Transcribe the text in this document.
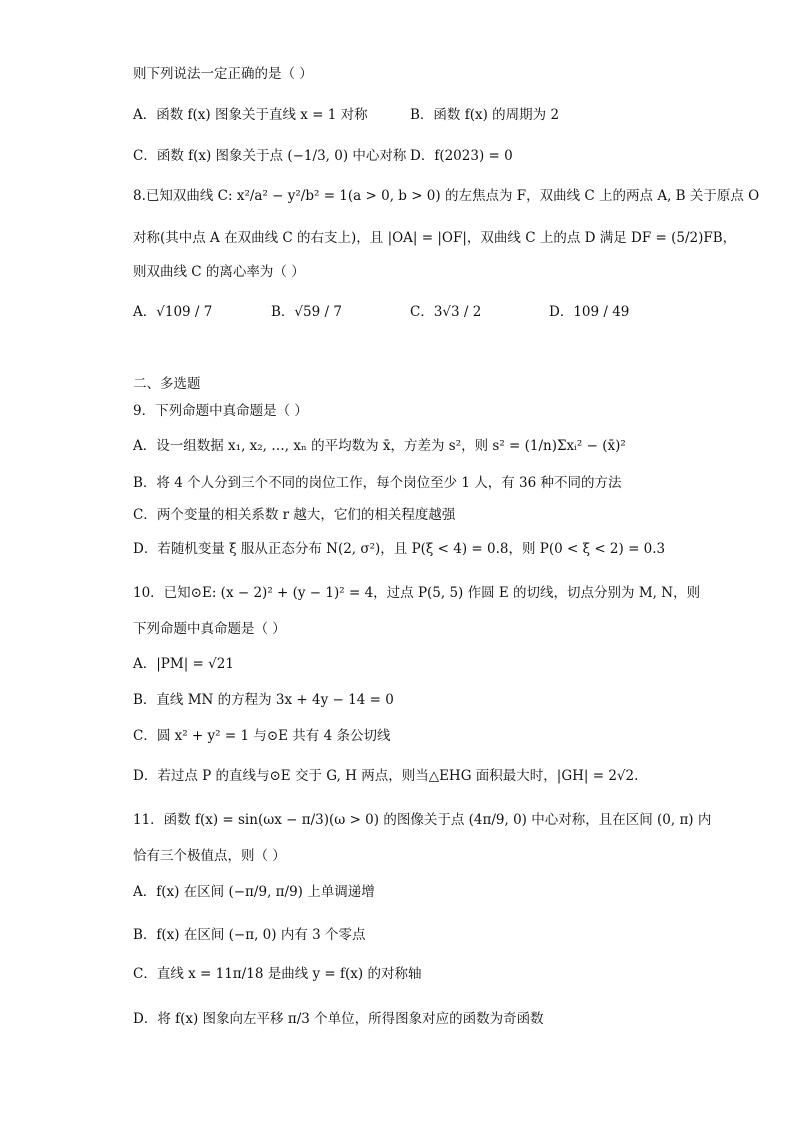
则下列说法一定正确的是（ ）
A．函数 f(x) 图象关于直线 x = 1 对称	B．函数 f(x) 的周期为 2
C．函数 f(x) 图象关于点 (−1/3, 0) 中心对称 D．f(2023) = 0
8.已知双曲线 C: x²/a² − y²/b² = 1(a > 0, b > 0) 的左焦点为 F，双曲线 C 上的两点 A, B 关于原点 O
对称(其中点 A 在双曲线 C 的右支上)，且 |OA| = |OF|，双曲线 C 上的点 D 满足 DF = (5/2)FB，
则双曲线 C 的离心率为（ ）
A．√109 / 7	B．√59 / 7	C．3√3 / 2	D．109 / 49
二、多选题
9．下列命题中真命题是（ ）
A．设一组数据 x₁, x₂, …, xₙ 的平均数为 x̄，方差为 s²，则 s² = (1/n)Σxᵢ² − (x̄)²
B．将 4 个人分到三个不同的岗位工作，每个岗位至少 1 人，有 36 种不同的方法
C．两个变量的相关系数 r 越大，它们的相关程度越强
D．若随机变量 ξ 服从正态分布 N(2, σ²)，且 P(ξ < 4) = 0.8，则 P(0 < ξ < 2) = 0.3
10．已知⊙E: (x − 2)² + (y − 1)² = 4，过点 P(5, 5) 作圆 E 的切线，切点分别为 M, N，则
下列命题中真命题是（ ）
A．|PM| = √21
B．直线 MN 的方程为 3x + 4y − 14 = 0
C．圆 x² + y² = 1 与⊙E 共有 4 条公切线
D．若过点 P 的直线与⊙E 交于 G, H 两点，则当△EHG 面积最大时，|GH| = 2√2.
11．函数 f(x) = sin(ωx − π/3)(ω > 0) 的图像关于点 (4π/9, 0) 中心对称，且在区间 (0, π) 内
恰有三个极值点，则（ ）
A．f(x) 在区间 (−π/9, π/9) 上单调递增
B．f(x) 在区间 (−π, 0) 内有 3 个零点
C．直线 x = 11π/18 是曲线 y = f(x) 的对称轴
D．将 f(x) 图象向左平移 π/3 个单位，所得图象对应的函数为奇函数
